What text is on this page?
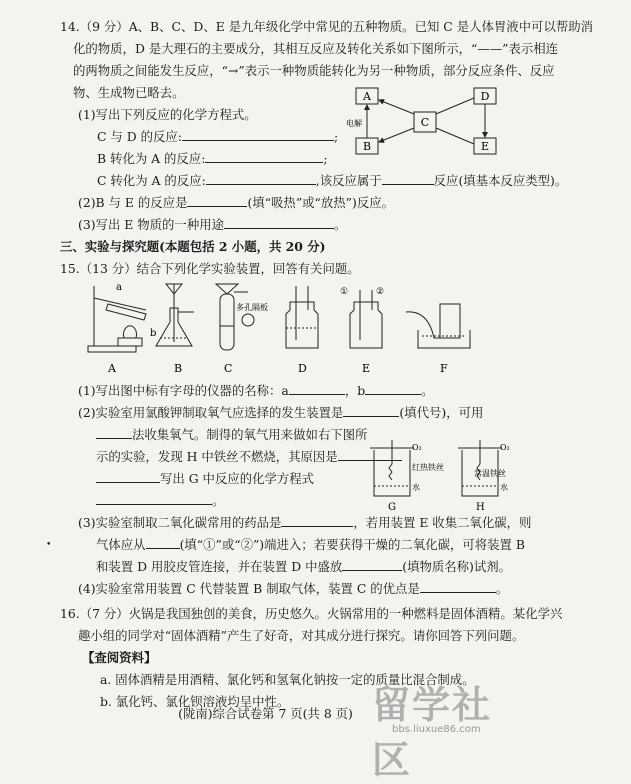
14.（9 分）A、B、C、D、E 是九年级化学中常见的五种物质。已知 C 是人体胃液中可以帮助消
化的物质，D 是大理石的主要成分，其相互反应及转化关系如下图所示，“——”表示相连
的两物质之间能发生反应，“→”表示一种物质能转化为另一种物质，部分反应条件、反应
物、生成物已略去。
(1)写出下列反应的化学方程式。
C 与 D 的反应:	;
B 转化为 A 的反应:	;
C 转化为 A 的反应:	,该反应属于	反应(填基本反应类型)。
(2)B 与 E 的反应是	(填“吸热”或“放热”)反应。
(3)写出 E 物质的一种用途	。
A
B
C
D
E
电解
三、实验与探究题(本题包括 2 小题，共 20 分)
15.（13 分）结合下列化学实验装置，回答有关问题。
a
b
多孔隔板
①	②
A	B	C	D	E	F
(1)写出图中标有字母的仪器的名称：a	，b	。
(2)实验室用氯酸钾制取氧气应选择的发生装置是	(填代号)，可用
法收集氧气。制得的氧气用来做如右下图所
示的实验，发现 H 中铁丝不燃烧，其原因是
写出 G 中反应的化学方程式
。
O₂
红热铁丝
水
G
O₂
常温铁丝
水
H
(3)实验室制取二氧化碳常用的药品是	，若用装置 E 收集二氧化碳，则
气体应从	(填“①”或“②”)端进入；若要获得干燥的二氧化碳，可将装置 B
和装置 D 用胶皮管连接，并在装置 D 中盛放	(填物质名称)试剂。
(4)实验室常用装置 C 代替装置 B 制取气体，装置 C 的优点是	。
•
16.（7 分）火锅是我国独创的美食，历史悠久。火锅常用的一种燃料是固体酒精。某化学兴
趣小组的同学对“固体酒精”产生了好奇，对其成分进行探究。请你回答下列问题。
【查阅资料】
a. 固体酒精是用酒精、氯化钙和氢氧化钠按一定的质量比混合制成。
b. 氯化钙、氯化钡溶液均呈中性。
(陇南)综合试卷第 7 页(共 8 页) 留学社区
bbs.liuxue86.com
